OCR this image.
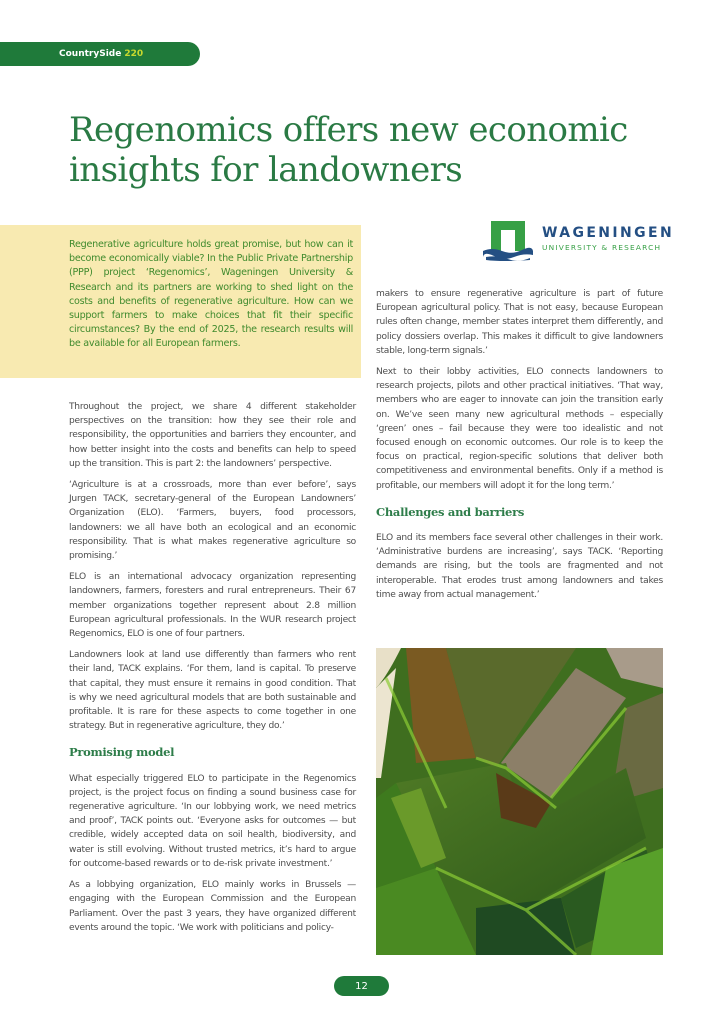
CountrySide 220
Regenomics offers new economic insights for landowners

Regenerative agriculture holds great promise, but how can it become economically viable? In the Public Private Partnership (PPP) project ‘Regenomics’, Wageningen University & Research and its partners are working to shed light on the costs and benefits of regenerative agriculture. How can we support farmers to make choices that fit their specific circumstances? By the end of 2025, the research results will be available for all European farmers.

WAGENINGEN
UNIVERSITY & RESEARCH

Throughout the project, we share 4 different stakeholder perspectives on the transition: how they see their role and responsibility, the opportunities and barriers they encounter, and how better insight into the costs and benefits can help to speed up the transition. This is part 2: the landowners’ perspective.

‘Agriculture is at a crossroads, more than ever before’, says Jurgen TACK, secretary-general of the European Landowners’ Organization (ELO). ‘Farmers, buyers, food processors, landowners: we all have both an ecological and an economic responsibility. That is what makes regenerative agriculture so promising.’

ELO is an international advocacy organization representing landowners, farmers, foresters and rural entrepreneurs. Their 67 member organizations together represent about 2.8 million European agricultural professionals. In the WUR research project Regenomics, ELO is one of four partners.

Landowners look at land use differently than farmers who rent their land, TACK explains. ‘For them, land is capital. To preserve that capital, they must ensure it remains in good condition. That is why we need agricultural models that are both sustainable and profitable. It is rare for these aspects to come together in one strategy. But in regenerative agriculture, they do.’

Promising model

What especially triggered ELO to participate in the Regenomics project, is the project focus on finding a sound business case for regenerative agriculture. ‘In our lobbying work, we need metrics and proof’, TACK points out. ‘Everyone asks for outcomes — but credible, widely accepted data on soil health, biodiversity, and water is still evolving. Without trusted metrics, it’s hard to argue for outcome-based rewards or to de-risk private investment.’

As a lobbying organization, ELO mainly works in Brussels — engaging with the European Commission and the European Parliament. Over the past 3 years, they have organized different events around the topic. ‘We work with politicians and policy-

makers to ensure regenerative agriculture is part of future European agricultural policy. That is not easy, because European rules often change, member states interpret them differently, and policy dossiers overlap. This makes it difficult to give landowners stable, long-term signals.’

Next to their lobby activities, ELO connects landowners to research projects, pilots and other practical initiatives. ‘That way, members who are eager to innovate can join the transition early on. We’ve seen many new agricultural methods – especially ‘green’ ones – fail because they were too idealistic and not focused enough on economic outcomes. Our role is to keep the focus on practical, region-specific solutions that deliver both competitiveness and environmental benefits. Only if a method is profitable, our members will adopt it for the long term.’

Challenges and barriers

ELO and its members face several other challenges in their work. ‘Administrative burdens are increasing’, says TACK. ‘Reporting demands are rising, but the tools are fragmented and not interoperable. That erodes trust among landowners and takes time away from actual management.’

12
